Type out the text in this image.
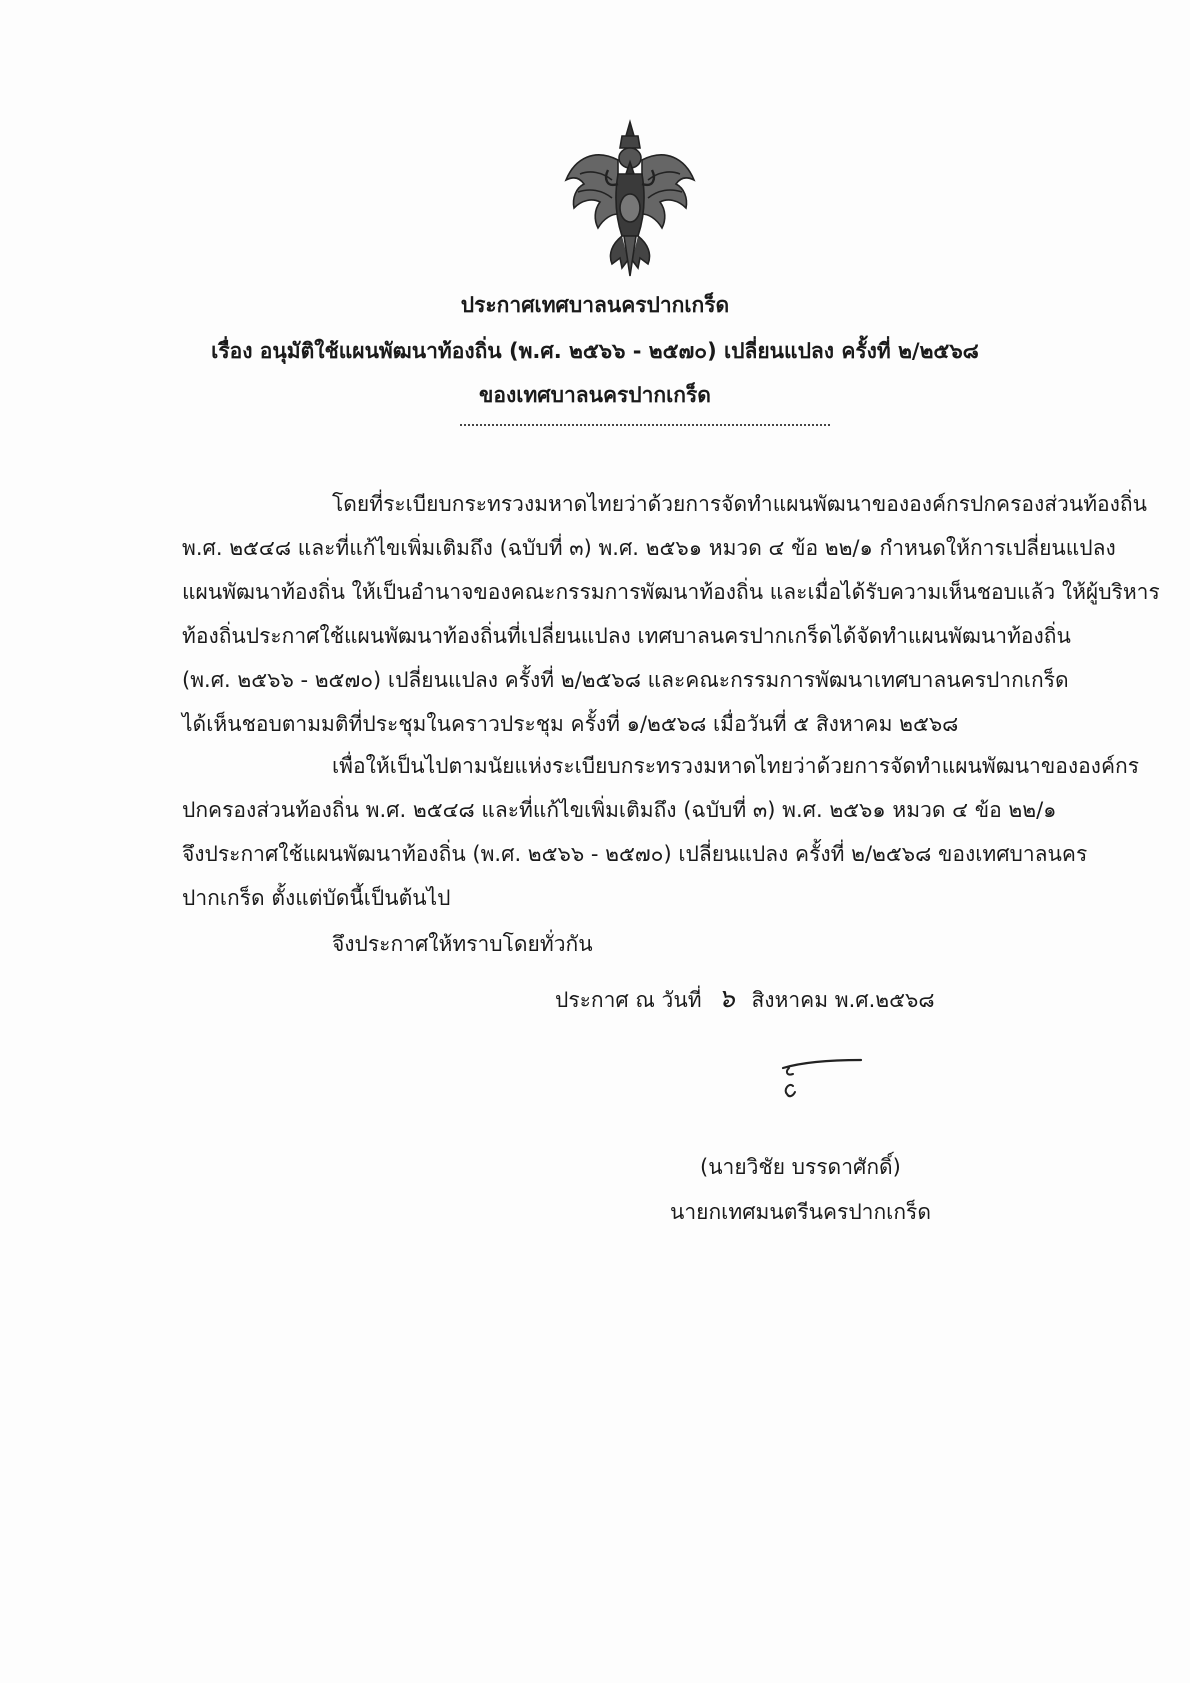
ประกาศเทศบาลนครปากเกร็ด
เรื่อง อนุมัติใช้แผนพัฒนาท้องถิ่น (พ.ศ. ๒๕๖๖ - ๒๕๗๐) เปลี่ยนแปลง ครั้งที่ ๒/๒๕๖๘
ของเทศบาลนครปากเกร็ด
โดยที่ระเบียบกระทรวงมหาดไทยว่าด้วยการจัดทำแผนพัฒนาขององค์กรปกครองส่วนท้องถิ่น
พ.ศ. ๒๕๔๘ และที่แก้ไขเพิ่มเติมถึง (ฉบับที่ ๓) พ.ศ. ๒๕๖๑ หมวด ๔ ข้อ ๒๒/๑ กำหนดให้การเปลี่ยนแปลง
แผนพัฒนาท้องถิ่น ให้เป็นอำนาจของคณะกรรมการพัฒนาท้องถิ่น และเมื่อได้รับความเห็นชอบแล้ว ให้ผู้บริหาร
ท้องถิ่นประกาศใช้แผนพัฒนาท้องถิ่นที่เปลี่ยนแปลง เทศบาลนครปากเกร็ดได้จัดทำแผนพัฒนาท้องถิ่น
(พ.ศ. ๒๕๖๖ - ๒๕๗๐) เปลี่ยนแปลง ครั้งที่ ๒/๒๕๖๘ และคณะกรรมการพัฒนาเทศบาลนครปากเกร็ด
ได้เห็นชอบตามมติที่ประชุมในคราวประชุม ครั้งที่ ๑/๒๕๖๘ เมื่อวันที่ ๕ สิงหาคม ๒๕๖๘
เพื่อให้เป็นไปตามนัยแห่งระเบียบกระทรวงมหาดไทยว่าด้วยการจัดทำแผนพัฒนาขององค์กร
ปกครองส่วนท้องถิ่น พ.ศ. ๒๕๔๘ และที่แก้ไขเพิ่มเติมถึง (ฉบับที่ ๓) พ.ศ. ๒๕๖๑ หมวด ๔ ข้อ ๒๒/๑
จึงประกาศใช้แผนพัฒนาท้องถิ่น (พ.ศ. ๒๕๖๖ - ๒๕๗๐) เปลี่ยนแปลง ครั้งที่ ๒/๒๕๖๘ ของเทศบาลนคร
ปากเกร็ด ตั้งแต่บัดนี้เป็นต้นไป
จึงประกาศให้ทราบโดยทั่วกัน
ประกาศ ณ วันที่ ๖ สิงหาคม พ.ศ.๒๕๖๘
(นายวิชัย บรรดาศักดิ์)
นายกเทศมนตรีนครปากเกร็ด
